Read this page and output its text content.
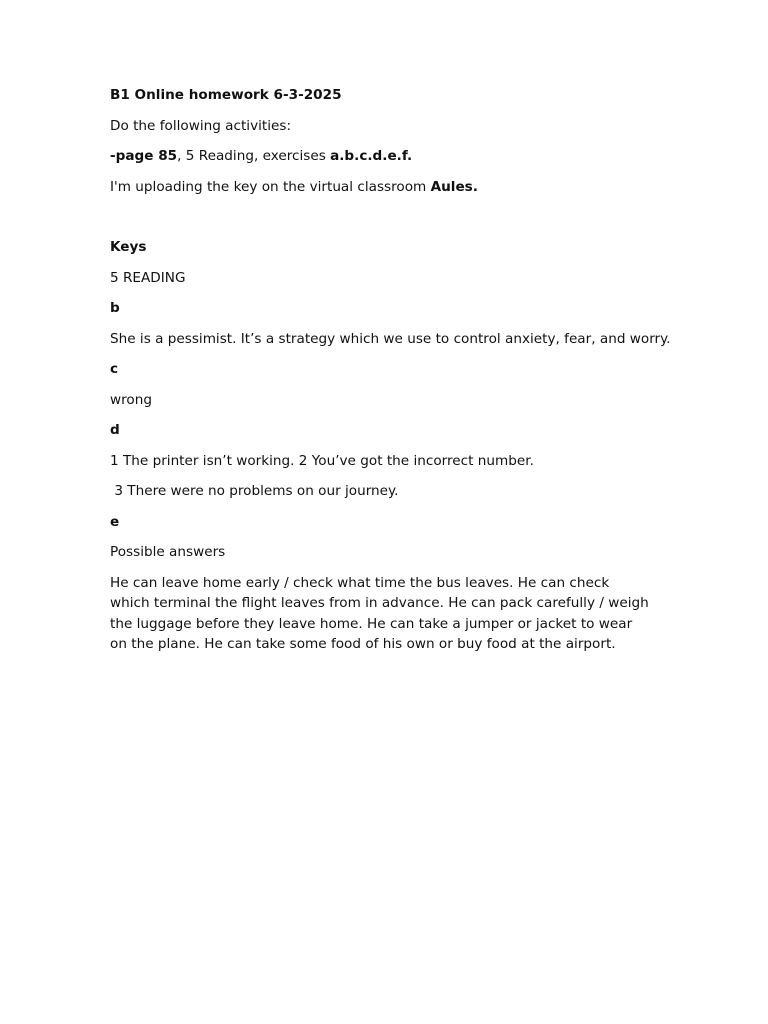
B1 Online homework 6-3-2025

Do the following activities:

-page 85, 5 Reading, exercises a.b.c.d.e.f.

I'm uploading the key on the virtual classroom Aules.

Keys

5 READING

b

She is a pessimist. It’s a strategy which we use to control anxiety, fear, and worry.

c

wrong

d

1 The printer isn’t working. 2 You’ve got the incorrect number.

3 There were no problems on our journey.

e

Possible answers

He can leave home early / check what time the bus leaves. He can check which terminal the flight leaves from in advance. He can pack carefully / weigh the luggage before they leave home. He can take a jumper or jacket to wear on the plane. He can take some food of his own or buy food at the airport.
